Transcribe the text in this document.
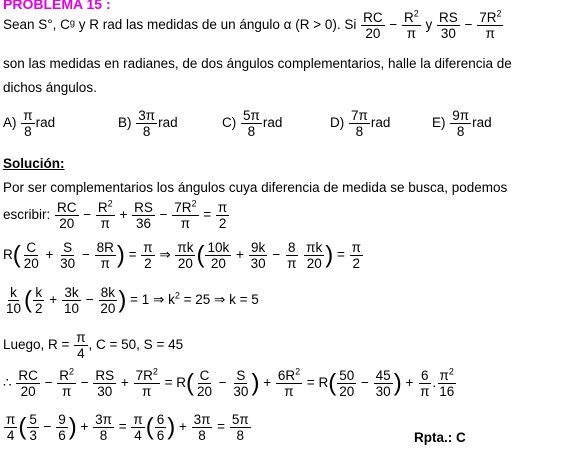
PROBLEMA 15 :
Sean S°, Cᵍ y R rad las medidas de un ángulo α (R > 0). Si $\frac{RC}{20} - \frac{R^2}{\pi}$ y $\frac{RS}{30} - \frac{7R^2}{\pi}$
son las medidas en radianes, de dos ángulos complementarios, halle la diferencia de
dichos ángulos.
$A) \frac{\pi}{8}$ rad	$B) \frac{3\pi}{8}$ rad	$C) \frac{5\pi}{8}$ rad	$D) \frac{7\pi}{8}$ rad	$E) \frac{9\pi}{8}$ rad
Solución:
Por ser complementarios los ángulos cuya diferencia de medida se busca, podemos
escribir: $\frac{RC}{20} - \frac{R^2}{\pi} + \frac{RS}{36} - \frac{7R^2}{\pi} = \frac{\pi}{2}$
$R( \frac{C}{20} + \frac{S}{30} - \frac{8R}{\pi}$ ) = $\frac{\pi}{2}$ ⇒ $\frac{\pi k}{20}$ ( $\frac{10k}{20} + \frac{9k}{30} - \frac{8}{\pi}$
$\frac{\pi k}{20}$ ) = $\frac{\pi}{2}$
$\frac{k}{10}$ ( $\frac{k}{2} + \frac{3k}{10} - \frac{8k}{20}$ ) = 1 ⇒ $k^2 = 25$ ⇒ k = 5
Luego, $R = \frac{\pi}{4}$ , C = 50, S = 45
∴ $\frac{RC}{20} - \frac{R^2}{\pi} - \frac{RS}{30} + \frac{7R^2}{\pi} = R( \frac{C}{20} - \frac{S}{30}$ ) + $\frac{6R^2}{\pi} = R( \frac{50}{20} - \frac{45}{30}$ ) + $\frac{6}{\pi}$ . $\frac{\pi^2}{16}$
$\frac{\pi}{4}$ ( $\frac{5}{3} - \frac{9}{6}$ ) + $\frac{3\pi}{8} = \frac{\pi}{4}$ ( $\frac{6}{6}$ ) + $\frac{3\pi}{8} = \frac{5\pi}{8}$	Rpta.: C
